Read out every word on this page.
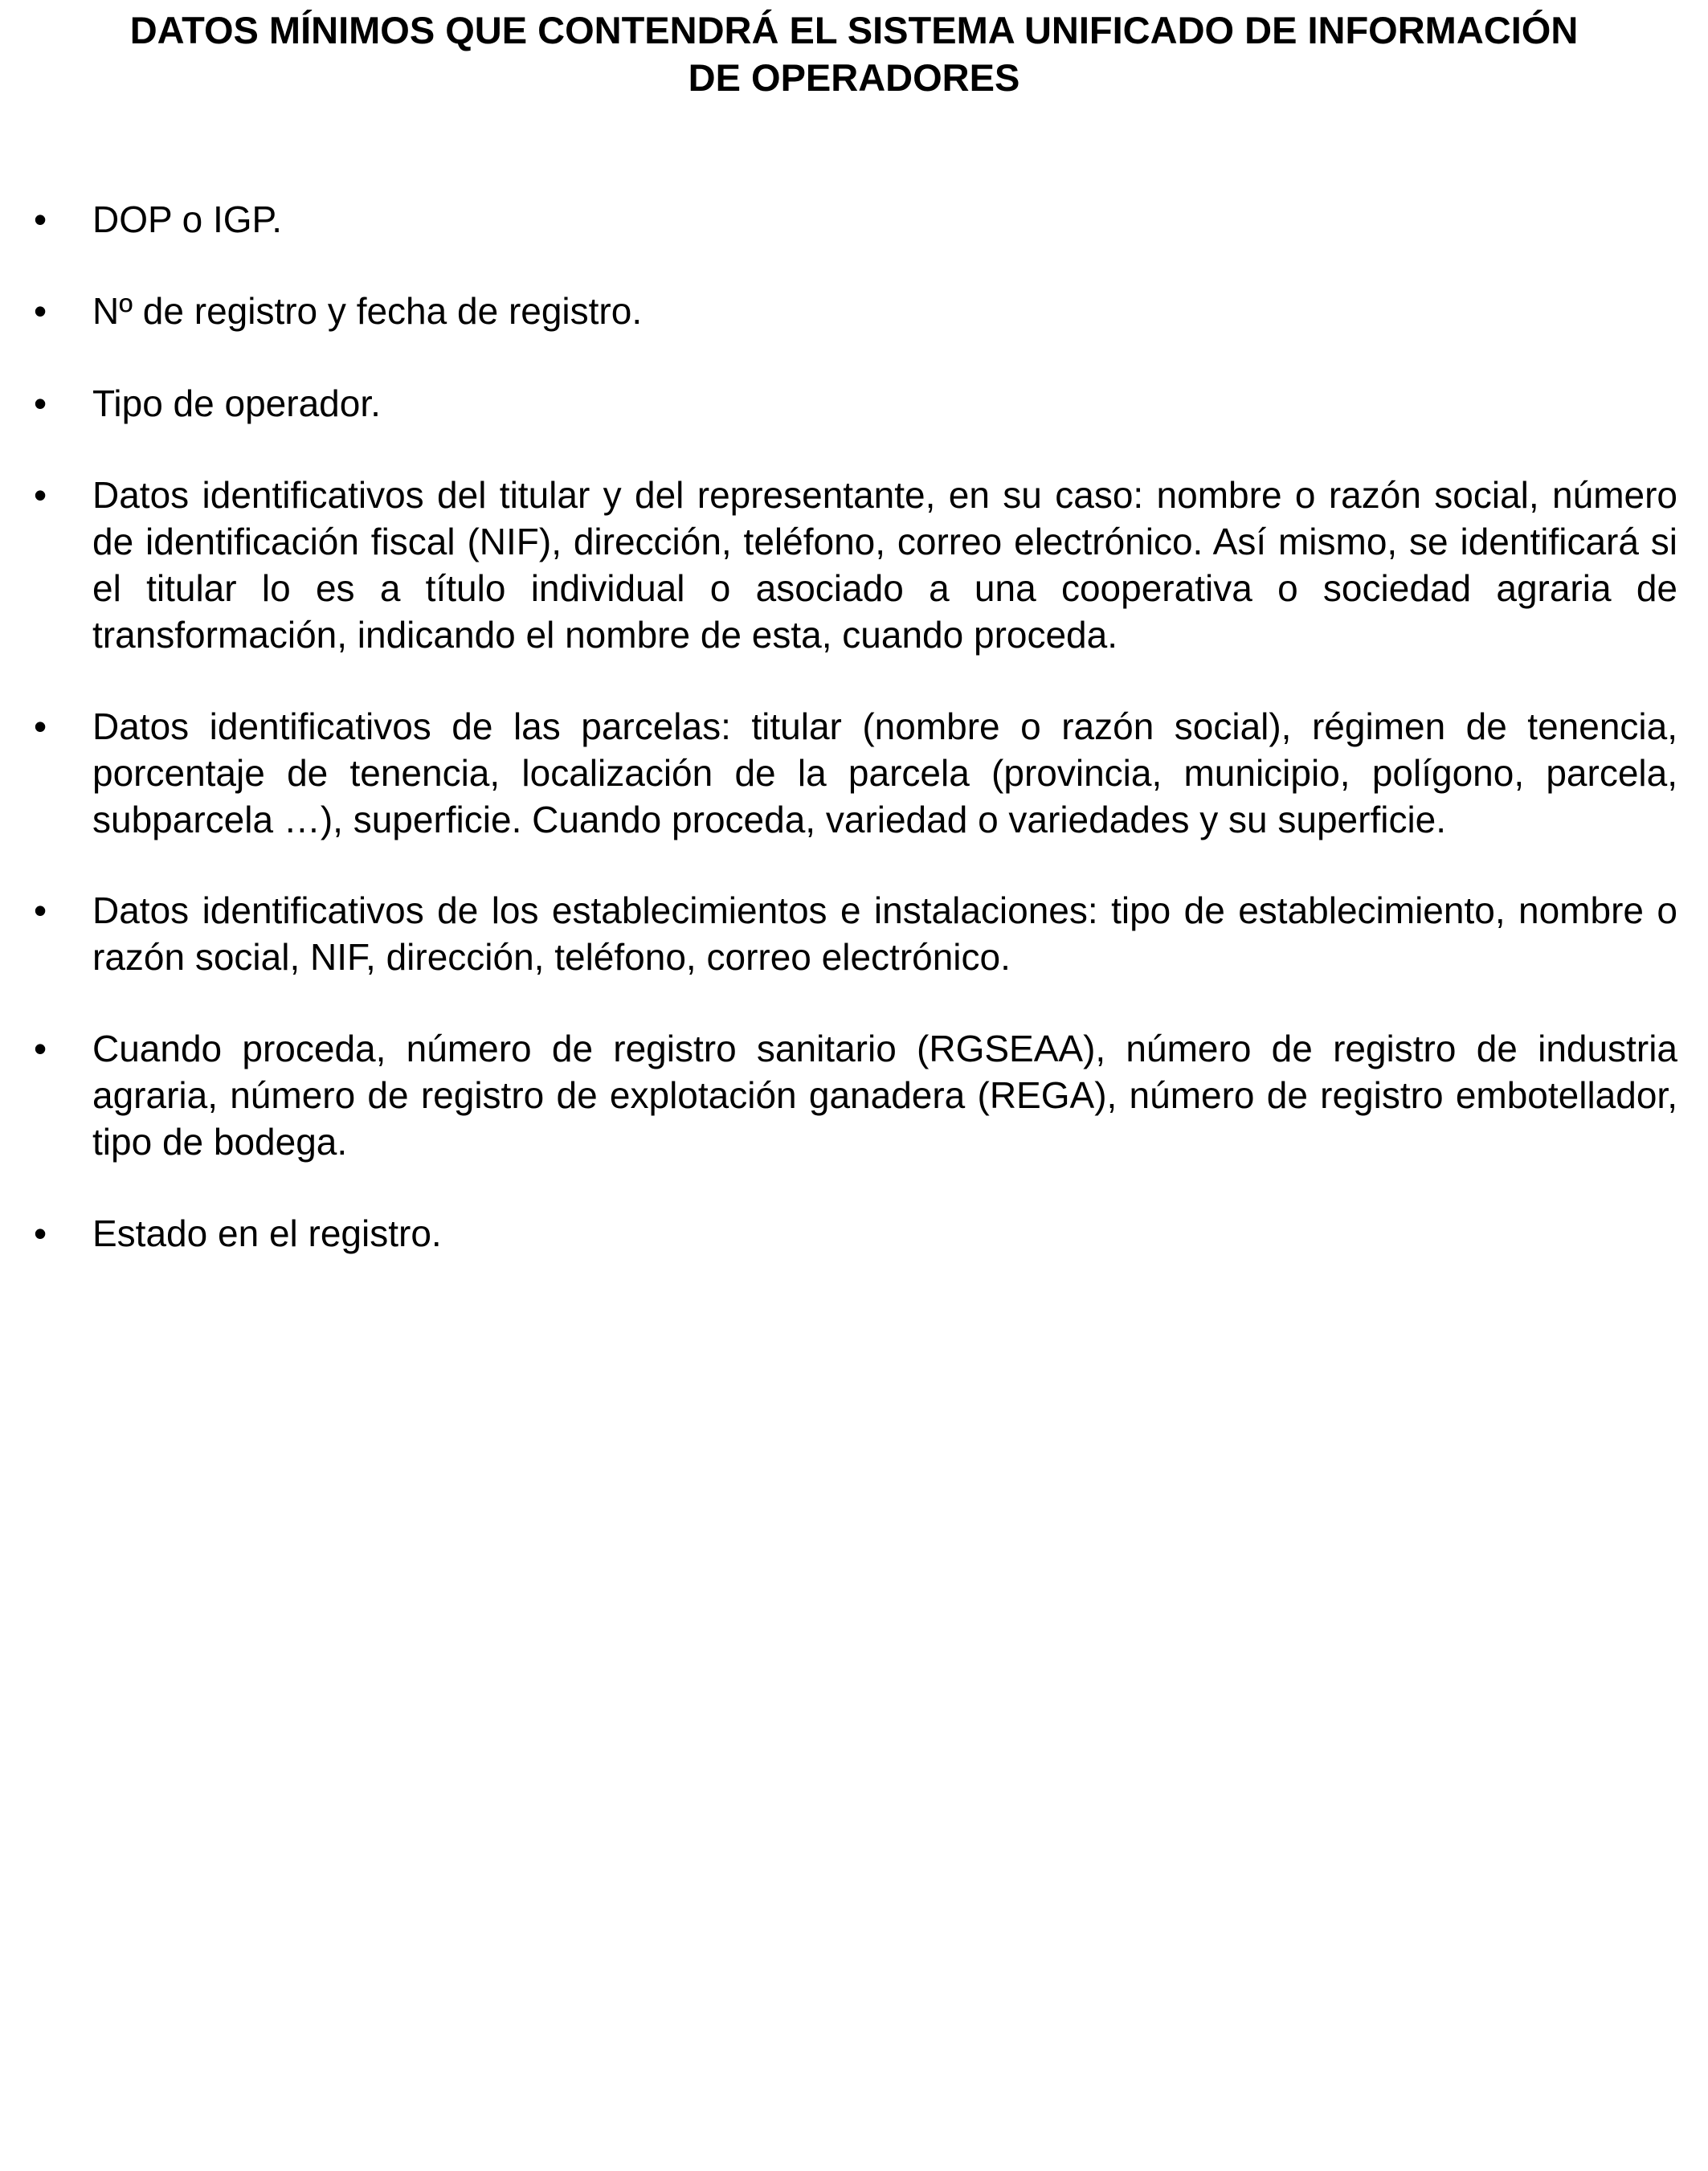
DATOS MÍNIMOS QUE CONTENDRÁ EL SISTEMA UNIFICADO DE INFORMACIÓN
DE OPERADORES
• DOP o IGP.

• Nº de registro y fecha de registro.

• Tipo de operador.

• Datos identificativos del titular y del representante, en su caso: nombre o razón social, número de identificación fiscal (NIF), dirección, teléfono, correo electrónico. Así mismo, se identificará si el titular lo es a título individual o asociado a una cooperativa o sociedad agraria de transformación, indicando el nombre de esta, cuando proceda.

• Datos identificativos de las parcelas: titular (nombre o razón social), régimen de tenencia, porcentaje de tenencia, localización de la parcela (provincia, municipio, polígono, parcela, subparcela …), superficie. Cuando proceda, variedad o variedades y su superficie.

• Datos identificativos de los establecimientos e instalaciones: tipo de establecimiento, nombre o razón social, NIF, dirección, teléfono, correo electrónico.

• Cuando proceda, número de registro sanitario (RGSEAA), número de registro de industria agraria, número de registro de explotación ganadera (REGA), número de registro embotellador, tipo de bodega.

• Estado en el registro.
